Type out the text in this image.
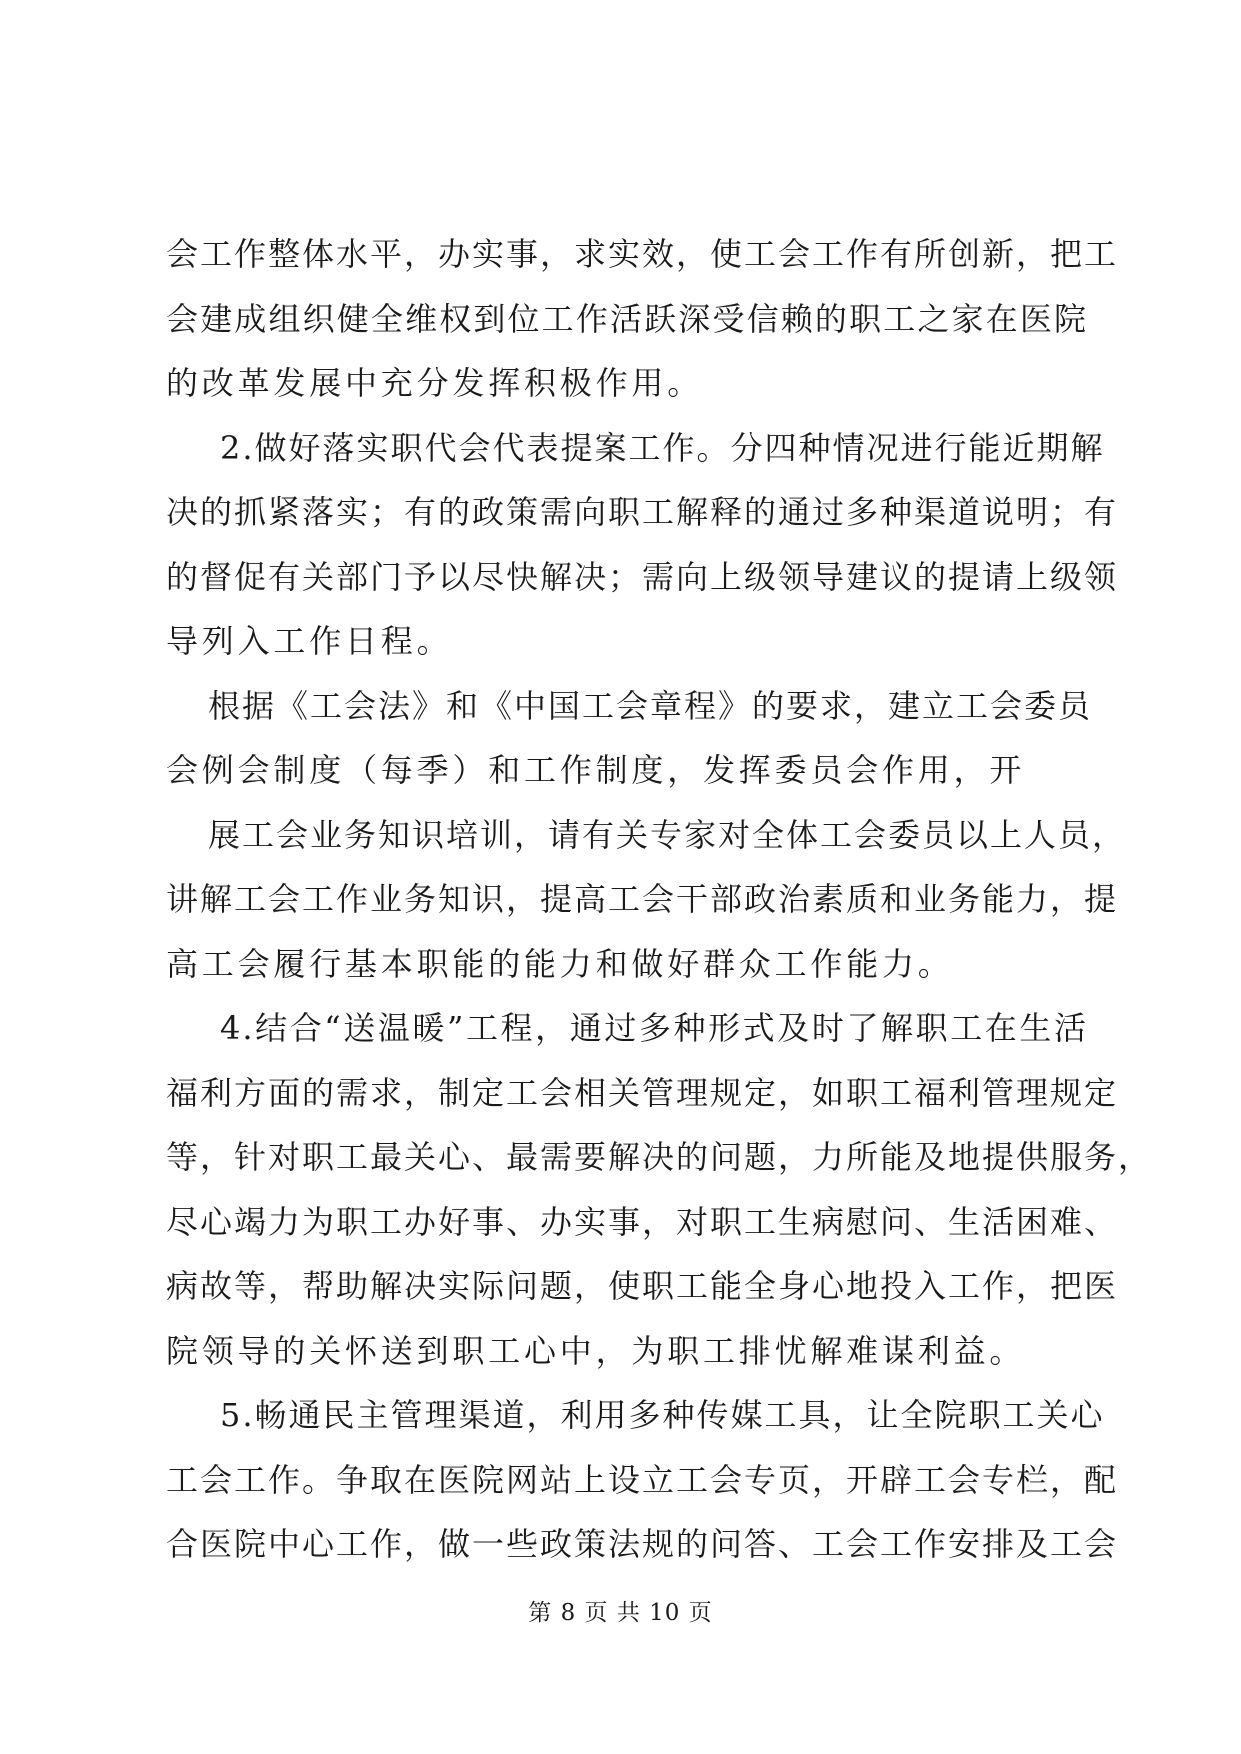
会工作整体水平，办实事，求实效，使工会工作有所创新，把工
会建成组织健全维权到位工作活跃深受信赖的职工之家在医院
的改革发展中充分发挥积极作用。
2.做好落实职代会代表提案工作。分四种情况进行能近期解
决的抓紧落实；有的政策需向职工解释的通过多种渠道说明；有
的督促有关部门予以尽快解决；需向上级领导建议的提请上级领
导列入工作日程。
根据《工会法》和《中国工会章程》的要求，建立工会委员
会例会制度（每季）和工作制度，发挥委员会作用，开
展工会业务知识培训，请有关专家对全体工会委员以上人员，
讲解工会工作业务知识，提高工会干部政治素质和业务能力，提
高工会履行基本职能的能力和做好群众工作能力。
4.结合“送温暖”工程，通过多种形式及时了解职工在生活
福利方面的需求，制定工会相关管理规定，如职工福利管理规定
等，针对职工最关心、最需要解决的问题，力所能及地提供服务，
尽心竭力为职工办好事、办实事，对职工生病慰问、生活困难、
病故等，帮助解决实际问题，使职工能全身心地投入工作，把医
院领导的关怀送到职工心中，为职工排忧解难谋利益。
5.畅通民主管理渠道，利用多种传媒工具，让全院职工关心
工会工作。争取在医院网站上设立工会专页，开辟工会专栏，配
合医院中心工作，做一些政策法规的问答、工会工作安排及工会
第 8 页 共 10 页
